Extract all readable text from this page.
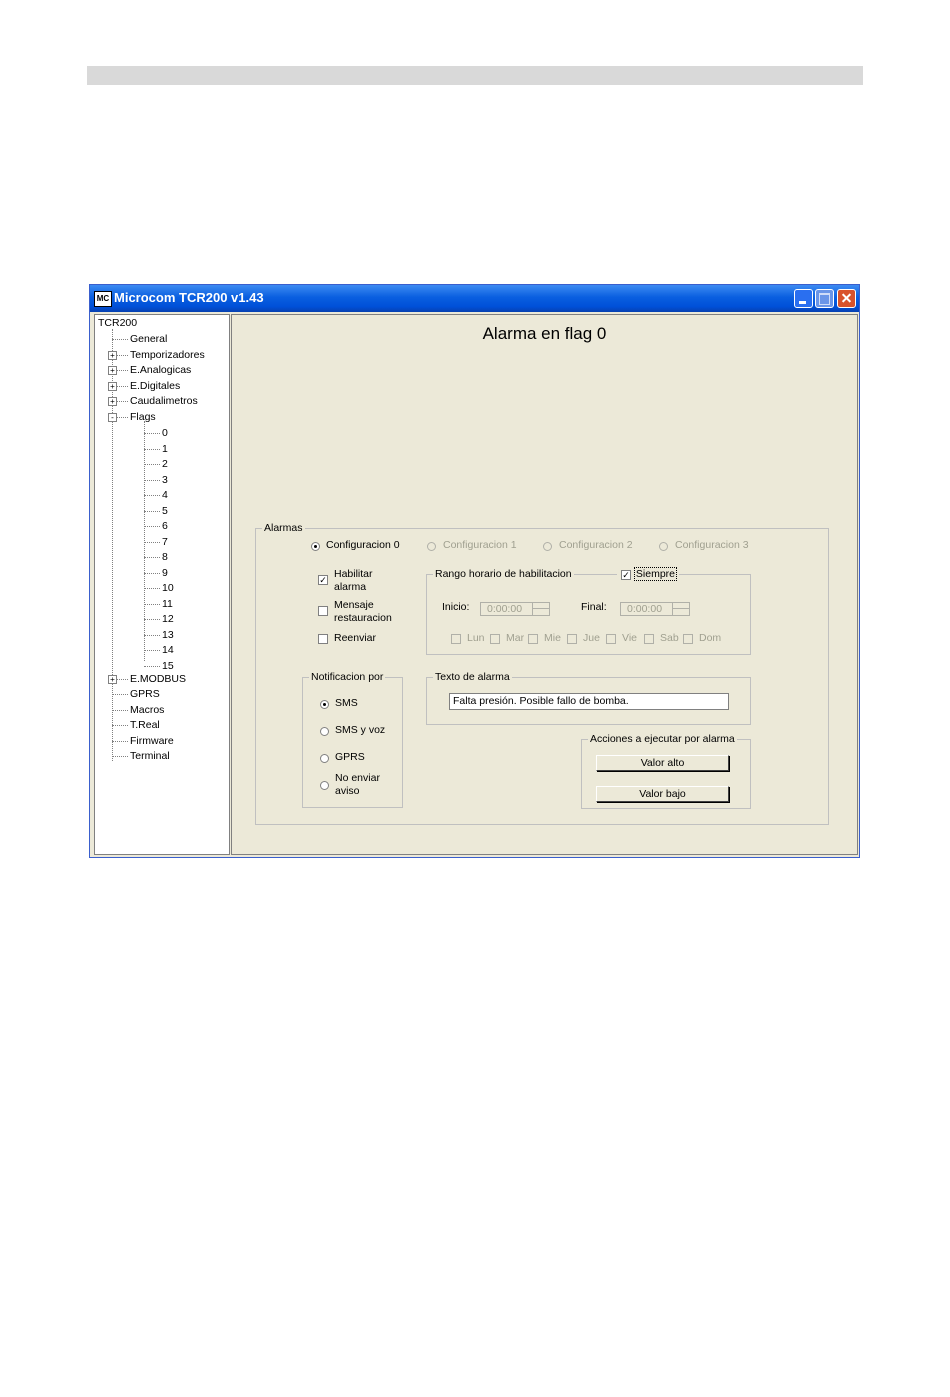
MC Microcom TCR200 v1.43
TCR200
General
+ Temporizadores
+ E.Analogicas
+ E.Digitales
+ Caudalimetros
-	Flags
+ E.MODBUS
GPRS
Macros
T.Real
Firmware
Terminal
0
1
2
3
4
5
6
7
8
9
10
11
12
13
14
15
Alarma en flag 0
Alarmas
Configuracion 0	Configuracion 1	Configuracion 2	Configuracion 3
✓ Habilitar
alarma
Mensaje
restauracion
Reenviar
Rango horario de habilitacion	✓ Siempre
Inicio:	0:00:00	Final:	0:00:00
Lun Mar Mie Jue Vie Sab Dom
Notificacion por
SMS
SMS y voz
GPRS
No enviar
aviso
Texto de alarma
Falta presión. Posible fallo de bomba.
Acciones a ejecutar por alarma
Valor alto
Valor bajo
